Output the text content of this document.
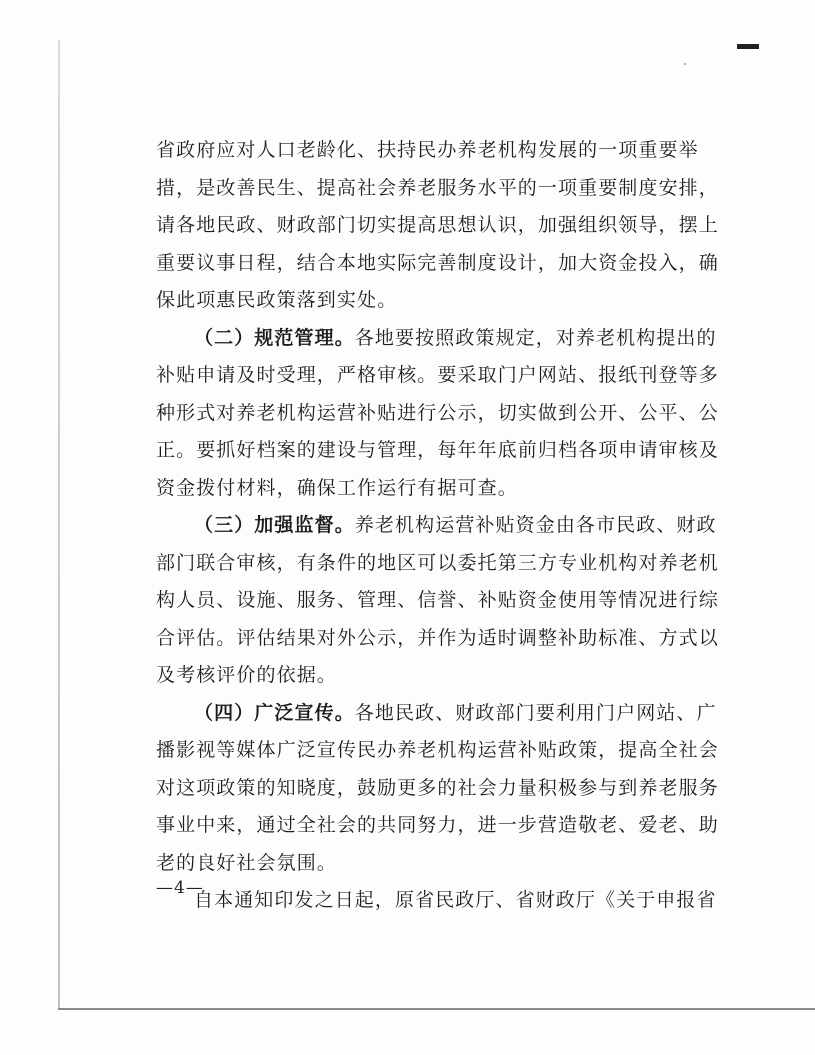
省政府应对人口老龄化、扶持民办养老机构发展的一项重要举
措，是改善民生、提高社会养老服务水平的一项重要制度安排，
请各地民政、财政部门切实提高思想认识，加强组织领导，摆上
重要议事日程，结合本地实际完善制度设计，加大资金投入，确
保此项惠民政策落到实处。

（二）规范管理。各地要按照政策规定，对养老机构提出的
补贴申请及时受理，严格审核。要采取门户网站、报纸刊登等多
种形式对养老机构运营补贴进行公示，切实做到公开、公平、公
正。要抓好档案的建设与管理，每年年底前归档各项申请审核及
资金拨付材料，确保工作运行有据可查。

（三）加强监督。养老机构运营补贴资金由各市民政、财政
部门联合审核，有条件的地区可以委托第三方专业机构对养老机
构人员、设施、服务、管理、信誉、补贴资金使用等情况进行综
合评估。评估结果对外公示，并作为适时调整补助标准、方式以
及考核评价的依据。

（四）广泛宣传。各地民政、财政部门要利用门户网站、广
播影视等媒体广泛宣传民办养老机构运营补贴政策，提高全社会
对这项政策的知晓度，鼓励更多的社会力量积极参与到养老服务
事业中来，通过全社会的共同努力，进一步营造敬老、爱老、助
老的良好社会氛围。

自本通知印发之日起，原省民政厅、省财政厅《关于申报省

—4—
